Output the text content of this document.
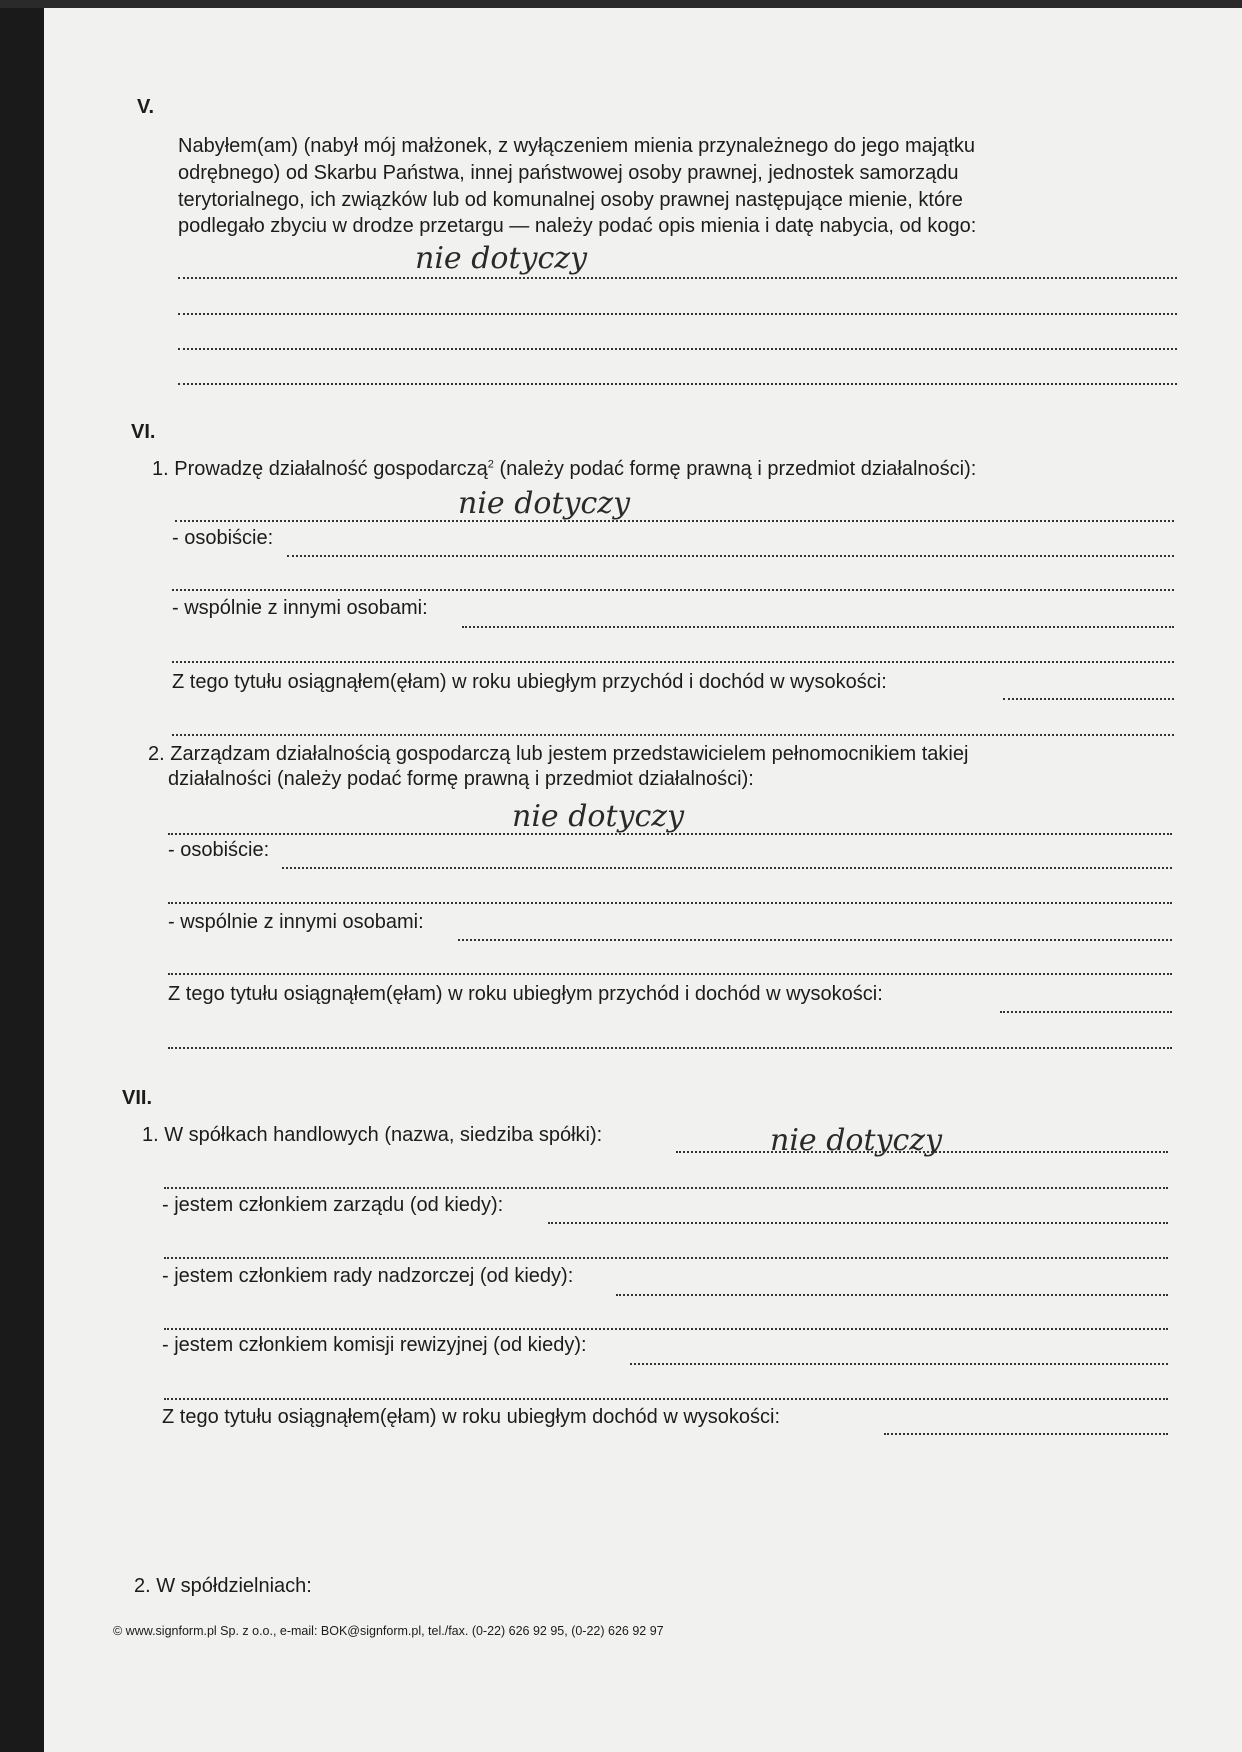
V.
Nabyłem(am) (nabył mój małżonek, z wyłączeniem mienia przynależnego do jego majątku
odrębnego) od Skarbu Państwa, innej państwowej osoby prawnej, jednostek samorządu
terytorialnego, ich związków lub od komunalnej osoby prawnej następujące mienie, które
podlegało zbyciu w drodze przetargu — należy podać opis mienia i datę nabycia, od kogo:
nie dotyczy
VI.
1. Prowadzę działalność gospodarczą$^2$ (należy podać formę prawną i przedmiot działalności):
nie dotyczy
- osobiście:
- wspólnie z innymi osobami:
Z tego tytułu osiągnąłem(ęłam) w roku ubiegłym przychód i dochód w wysokości:
2. Zarządzam działalnością gospodarczą lub jestem przedstawicielem pełnomocnikiem takiej
działalności (należy podać formę prawną i przedmiot działalności):
nie dotyczy
- osobiście:
- wspólnie z innymi osobami:
Z tego tytułu osiągnąłem(ęłam) w roku ubiegłym przychód i dochód w wysokości:
VII.
1. W spółkach handlowych (nazwa, siedziba spółki):	nie dotyczy
- jestem członkiem zarządu (od kiedy):
- jestem członkiem rady nadzorczej (od kiedy):
- jestem członkiem komisji rewizyjnej (od kiedy):
Z tego tytułu osiągnąłem(ęłam) w roku ubiegłym dochód w wysokości:
2. W spółdzielniach:
© www.signform.pl Sp. z o.o., e-mail: BOK@signform.pl, tel./fax. (0-22) 626 92 95, (0-22) 626 92 97
